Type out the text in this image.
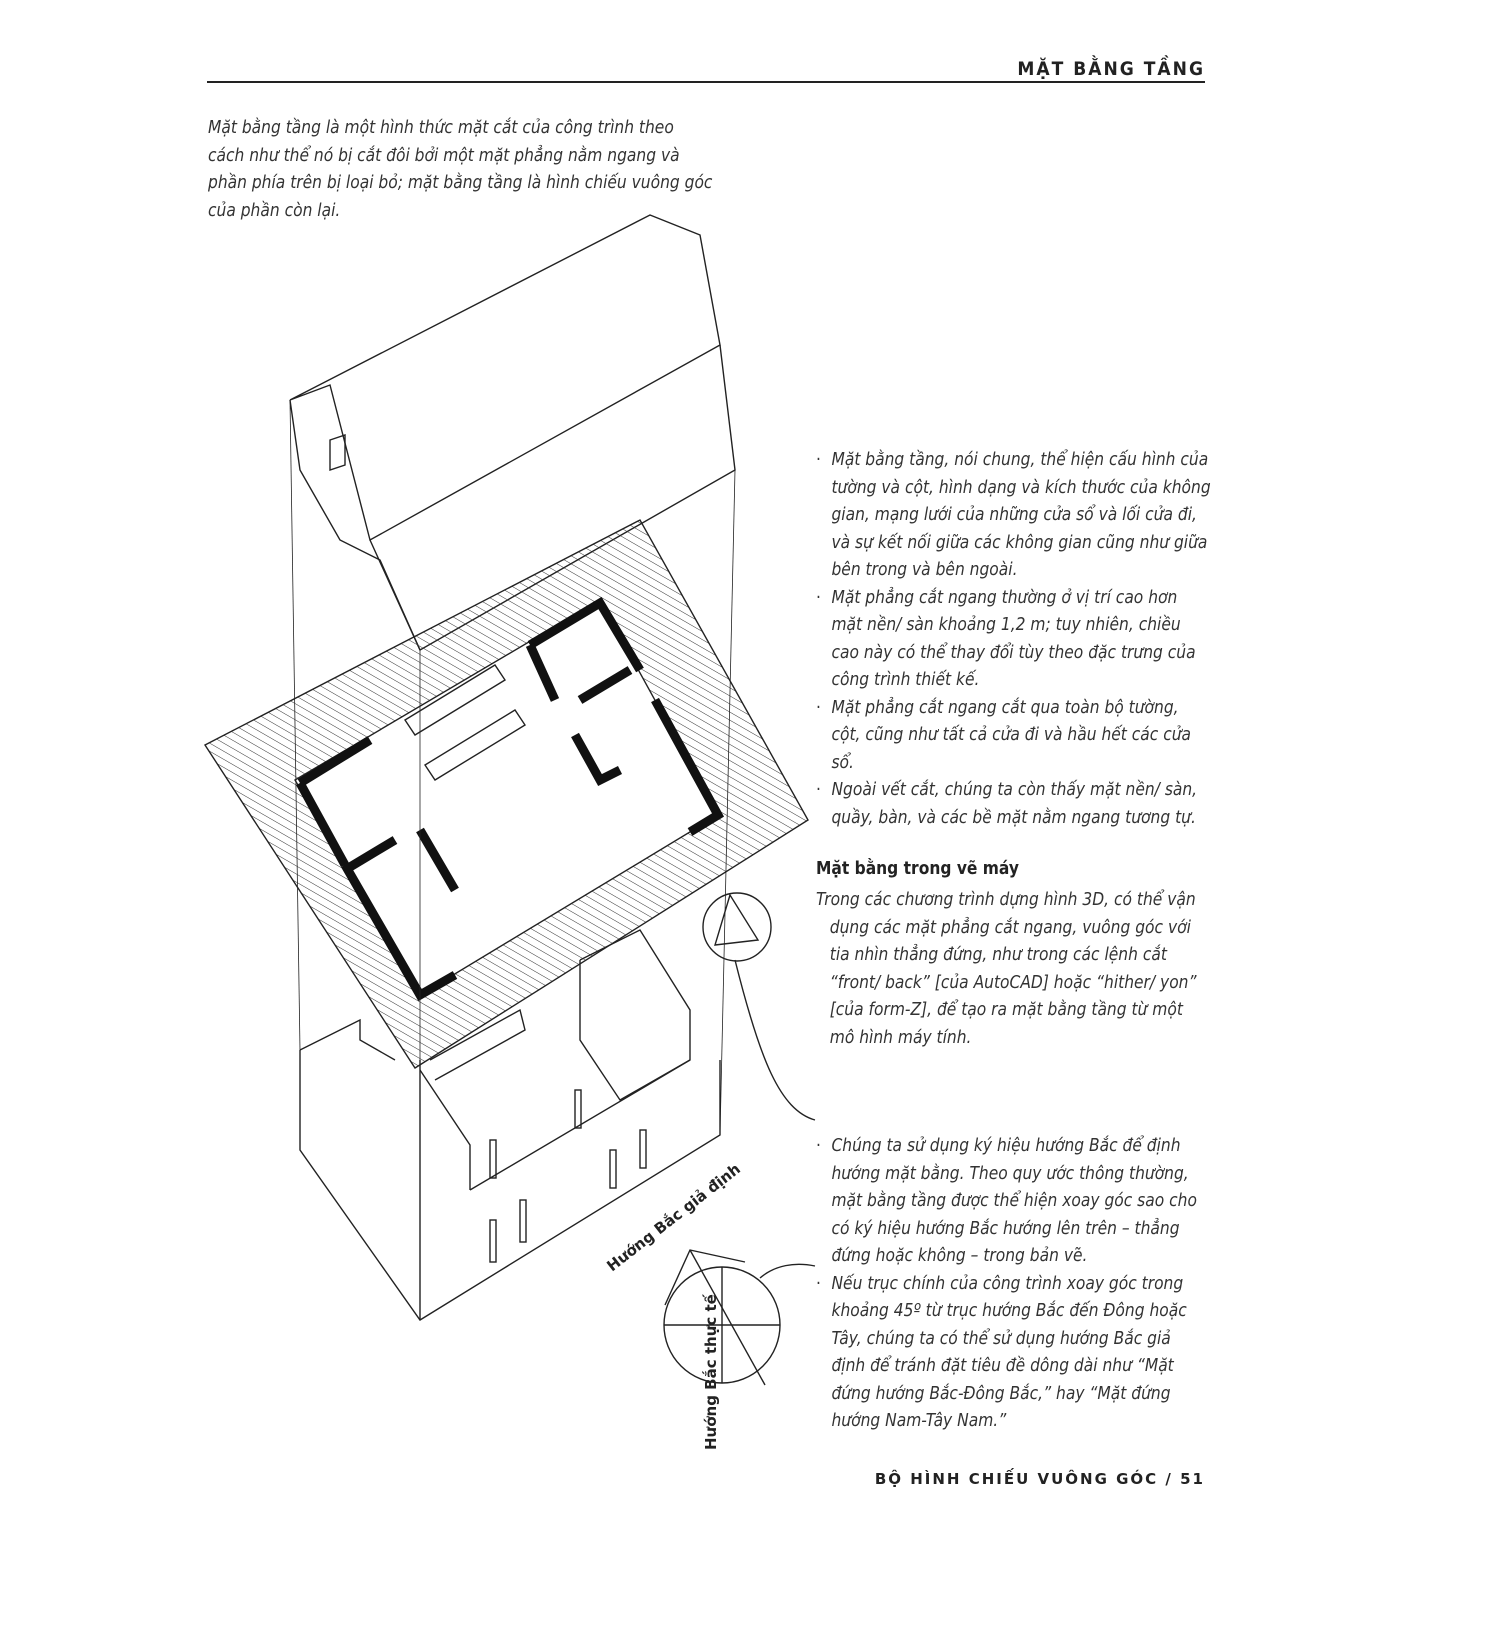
MẶT BẰNG TẦNG
Mặt bằng tầng là một hình thức mặt cắt của công trình theo
cách như thể nó bị cắt đôi bởi một mặt phẳng nằm ngang và
phần phía trên bị loại bỏ; mặt bằng tầng là hình chiếu vuông góc
của phần còn lại.
· Mặt bằng tầng, nói chung, thể hiện cấu hình của
tường và cột, hình dạng và kích thước của không
gian, mạng lưới của những cửa sổ và lối cửa đi,
và sự kết nối giữa các không gian cũng như giữa
bên trong và bên ngoài.
· Mặt phẳng cắt ngang thường ở vị trí cao hơn
mặt nền/ sàn khoảng 1,2 m; tuy nhiên, chiều
cao này có thể thay đổi tùy theo đặc trưng của
công trình thiết kế.
· Mặt phẳng cắt ngang cắt qua toàn bộ tường,
cột, cũng như tất cả cửa đi và hầu hết các cửa
sổ.
· Ngoài vết cắt, chúng ta còn thấy mặt nền/ sàn,
quầy, bàn, và các bề mặt nằm ngang tương tự.
Mặt bằng trong vẽ máy
Trong các chương trình dựng hình 3D, có thể vận
dụng các mặt phẳng cắt ngang, vuông góc với
tia nhìn thẳng đứng, như trong các lệnh cắt
“front/ back” [của AutoCAD] hoặc “hither/ yon”
[của form-Z], để tạo ra mặt bằng tầng từ một
mô hình máy tính.
· Chúng ta sử dụng ký hiệu hướng Bắc để định
hướng mặt bằng. Theo quy ước thông thường,
mặt bằng tầng được thể hiện xoay góc sao cho
có ký hiệu hướng Bắc hướng lên trên – thẳng
đứng hoặc không – trong bản vẽ.
· Nếu trục chính của công trình xoay góc trong
khoảng 45º từ trục hướng Bắc đến Đông hoặc
Tây, chúng ta có thể sử dụng hướng Bắc giả
định để tránh đặt tiêu đề dông dài như “Mặt
đứng hướng Bắc-Đông Bắc,” hay “Mặt đứng
hướng Nam-Tây Nam.”
BỘ HÌNH CHIẾU VUÔNG GÓC / 51
Hướng Bắc giả định
Hướng Bắc thực tế
